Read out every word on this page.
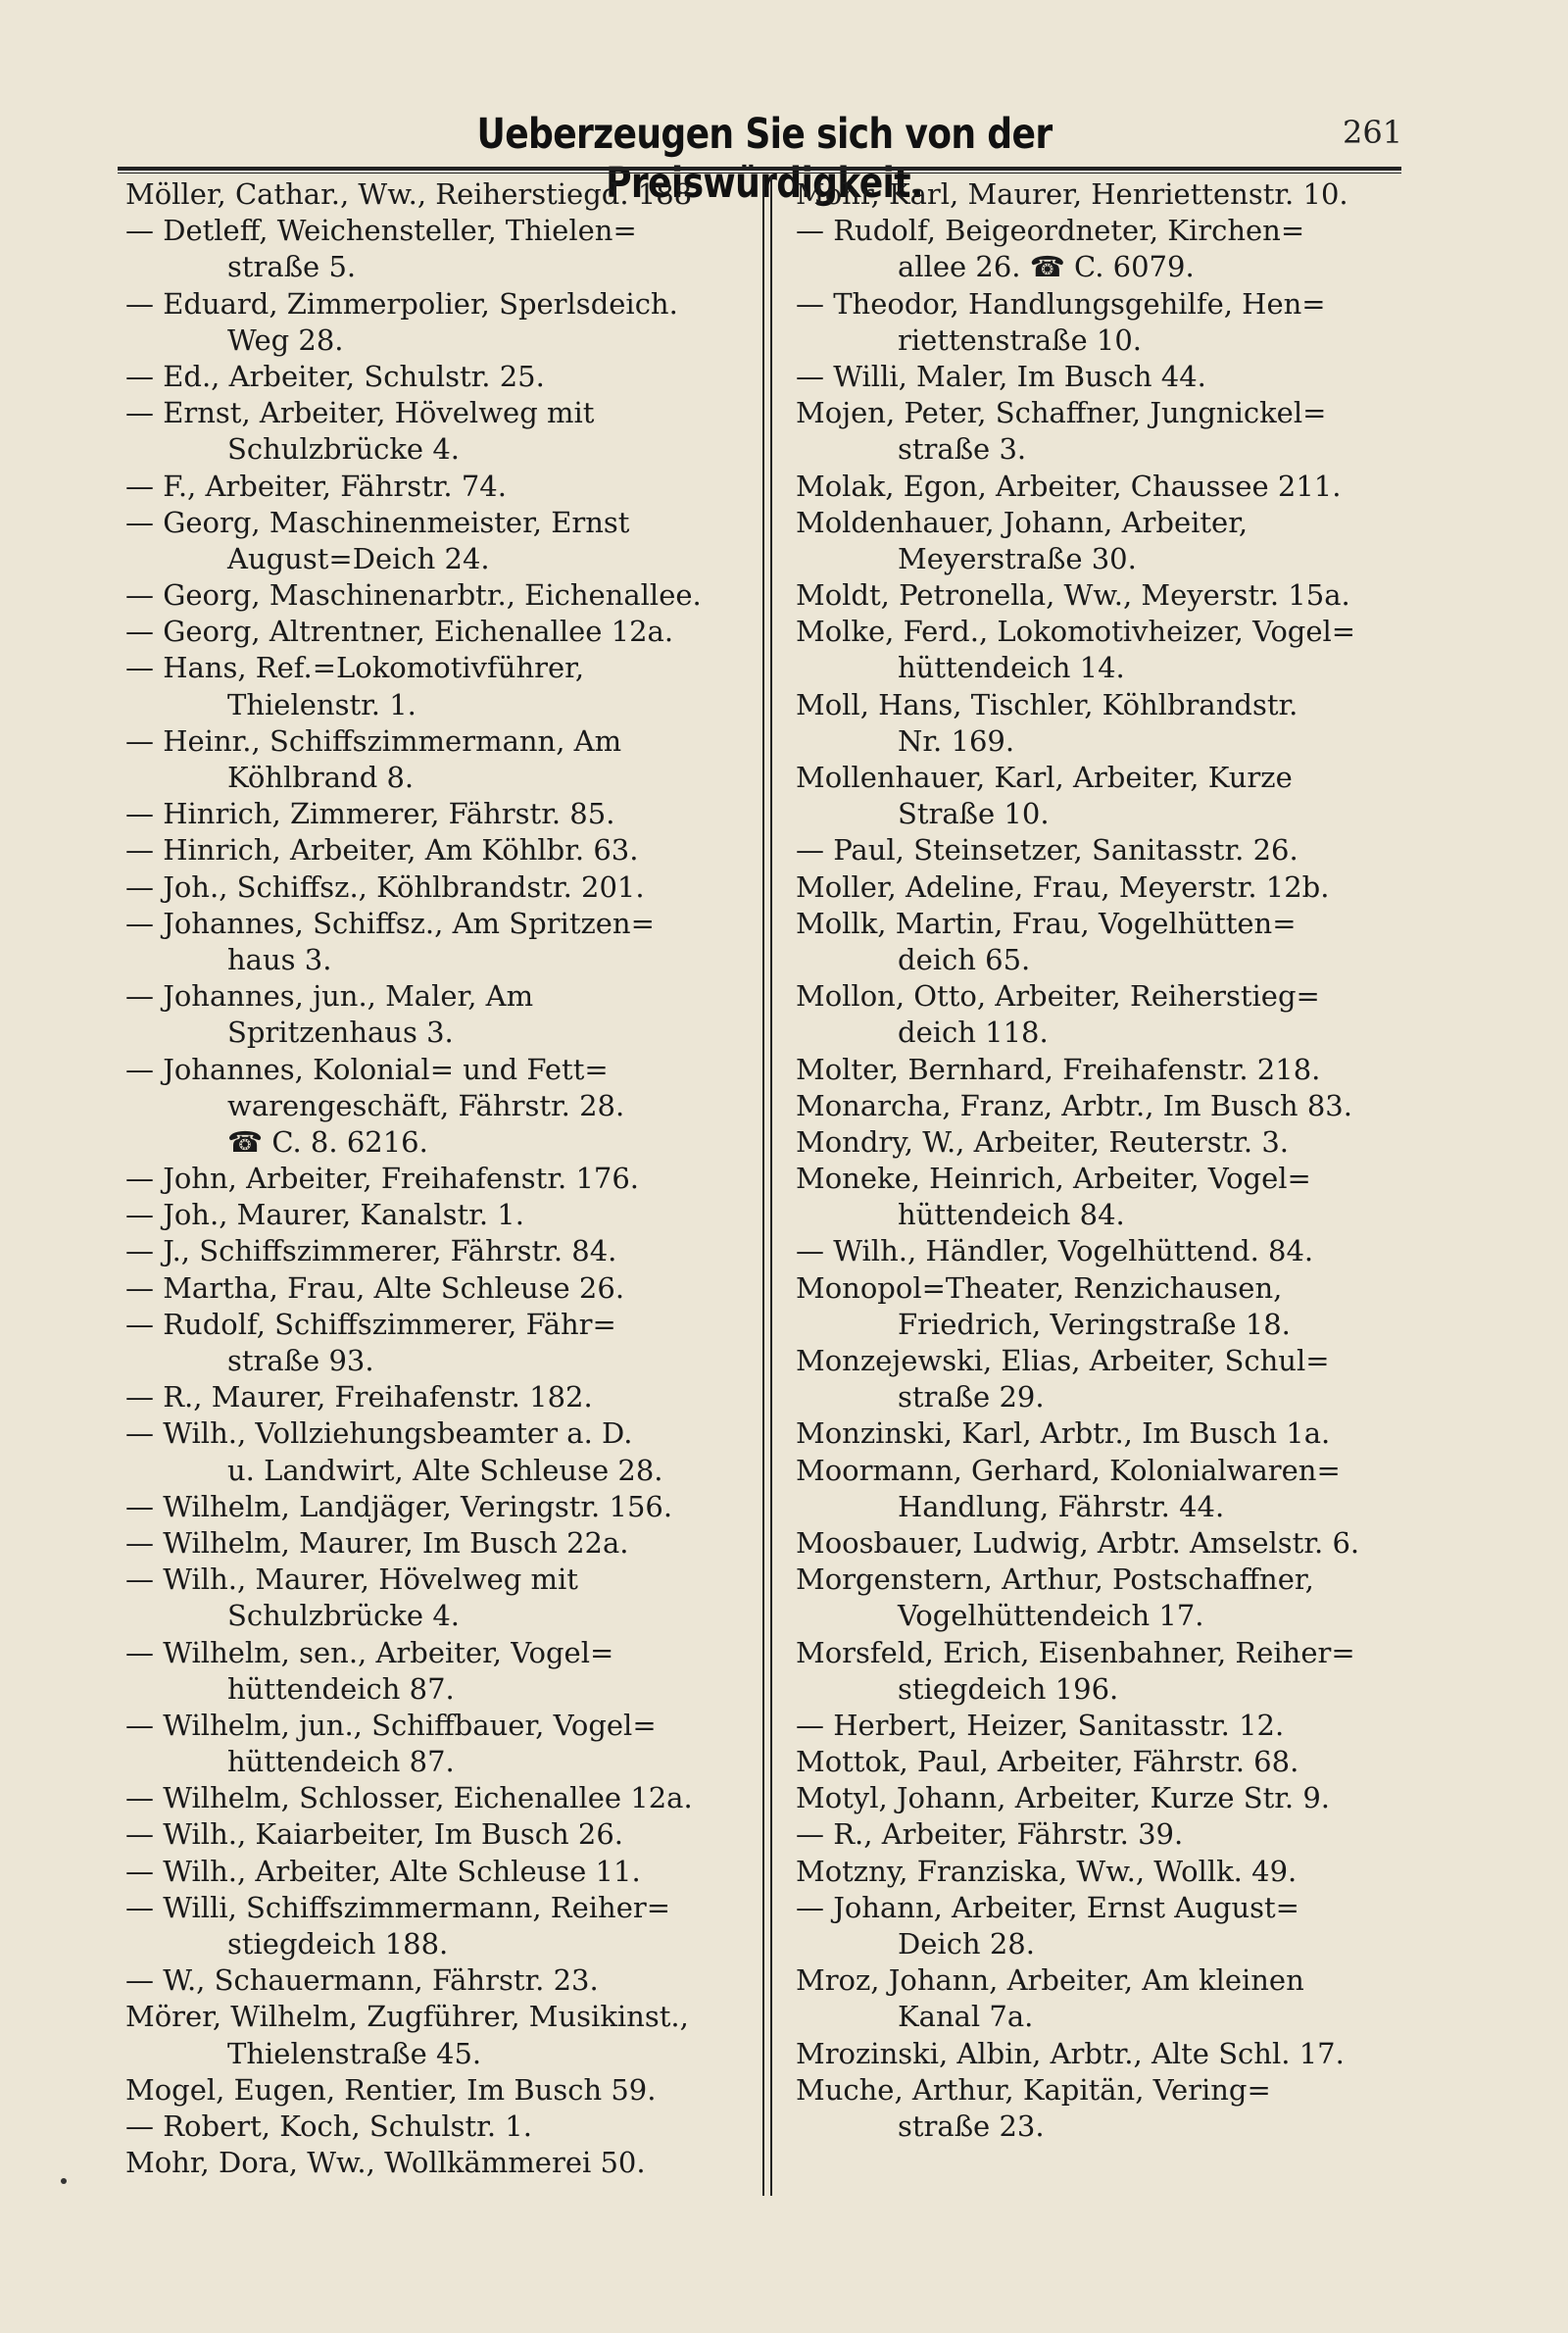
Ueberzeugen Sie sich von der Preiswürdigkeit.
261
Möller, Cathar., Ww., Reiherstiegd. 188
— Detleff, Weichensteller, Thielen=
straße 5.
— Eduard, Zimmerpolier, Sperlsdeich.
Weg 28.
— Ed., Arbeiter, Schulstr. 25.
— Ernst, Arbeiter, Hövelweg mit
Schulzbrücke 4.
— F., Arbeiter, Fährstr. 74.
— Georg, Maschinenmeister, Ernst
August=Deich 24.
— Georg, Maschinenarbtr., Eichenallee.
— Georg, Altrentner, Eichenallee 12a.
— Hans, Ref.=Lokomotivführer,
Thielenstr. 1.
— Heinr., Schiffszimmermann, Am
Köhlbrand 8.
— Hinrich, Zimmerer, Fährstr. 85.
— Hinrich, Arbeiter, Am Köhlbr. 63.
— Joh., Schiffsz., Köhlbrandstr. 201.
— Johannes, Schiffsz., Am Spritzen=
haus 3.
— Johannes, jun., Maler, Am
Spritzenhaus 3.
— Johannes, Kolonial= und Fett=
warengeschäft, Fährstr. 28.
☎ C. 8. 6216.
— John, Arbeiter, Freihafenstr. 176.
— Joh., Maurer, Kanalstr. 1.
— J., Schiffszimmerer, Fährstr. 84.
— Martha, Frau, Alte Schleuse 26.
— Rudolf, Schiffszimmerer, Fähr=
straße 93.
— R., Maurer, Freihafenstr. 182.
— Wilh., Vollziehungsbeamter a. D.
u. Landwirt, Alte Schleuse 28.
— Wilhelm, Landjäger, Veringstr. 156.
— Wilhelm, Maurer, Im Busch 22a.
— Wilh., Maurer, Hövelweg mit
Schulzbrücke 4.
— Wilhelm, sen., Arbeiter, Vogel=
hüttendeich 87.
— Wilhelm, jun., Schiffbauer, Vogel=
hüttendeich 87.
— Wilhelm, Schlosser, Eichenallee 12a.
— Wilh., Kaiarbeiter, Im Busch 26.
— Wilh., Arbeiter, Alte Schleuse 11.
— Willi, Schiffszimmermann, Reiher=
stiegdeich 188.
— W., Schauermann, Fährstr. 23.
Mörer, Wilhelm, Zugführer, Musikinst.,
Thielenstraße 45.
Mogel, Eugen, Rentier, Im Busch 59.
— Robert, Koch, Schulstr. 1.
Mohr, Dora, Ww., Wollkämmerei 50.
Mohr, Karl, Maurer, Henriettenstr. 10.
— Rudolf, Beigeordneter, Kirchen=
allee 26. ☎ C. 6079.
— Theodor, Handlungsgehilfe, Hen=
riettenstraße 10.
— Willi, Maler, Im Busch 44.
Mojen, Peter, Schaffner, Jungnickel=
straße 3.
Molak, Egon, Arbeiter, Chaussee 211.
Moldenhauer, Johann, Arbeiter,
Meyerstraße 30.
Moldt, Petronella, Ww., Meyerstr. 15a.
Molke, Ferd., Lokomotivheizer, Vogel=
hüttendeich 14.
Moll, Hans, Tischler, Köhlbrandstr.
Nr. 169.
Mollenhauer, Karl, Arbeiter, Kurze
Straße 10.
— Paul, Steinsetzer, Sanitasstr. 26.
Moller, Adeline, Frau, Meyerstr. 12b.
Mollk, Martin, Frau, Vogelhütten=
deich 65.
Mollon, Otto, Arbeiter, Reiherstieg=
deich 118.
Molter, Bernhard, Freihafenstr. 218.
Monarcha, Franz, Arbtr., Im Busch 83.
Mondry, W., Arbeiter, Reuterstr. 3.
Moneke, Heinrich, Arbeiter, Vogel=
hüttendeich 84.
— Wilh., Händler, Vogelhüttend. 84.
Monopol=Theater, Renzichausen,
Friedrich, Veringstraße 18.
Monzejewski, Elias, Arbeiter, Schul=
straße 29.
Monzinski, Karl, Arbtr., Im Busch 1a.
Moormann, Gerhard, Kolonialwaren=
Handlung, Fährstr. 44.
Moosbauer, Ludwig, Arbtr. Amselstr. 6.
Morgenstern, Arthur, Postschaffner,
Vogelhüttendeich 17.
Morsfeld, Erich, Eisenbahner, Reiher=
stiegdeich 196.
— Herbert, Heizer, Sanitasstr. 12.
Mottok, Paul, Arbeiter, Fährstr. 68.
Motyl, Johann, Arbeiter, Kurze Str. 9.
— R., Arbeiter, Fährstr. 39.
Motzny, Franziska, Ww., Wollk. 49.
— Johann, Arbeiter, Ernst August=
Deich 28.
Mroz, Johann, Arbeiter, Am kleinen
Kanal 7a.
Mrozinski, Albin, Arbtr., Alte Schl. 17.
Muche, Arthur, Kapitän, Vering=
straße 23.
